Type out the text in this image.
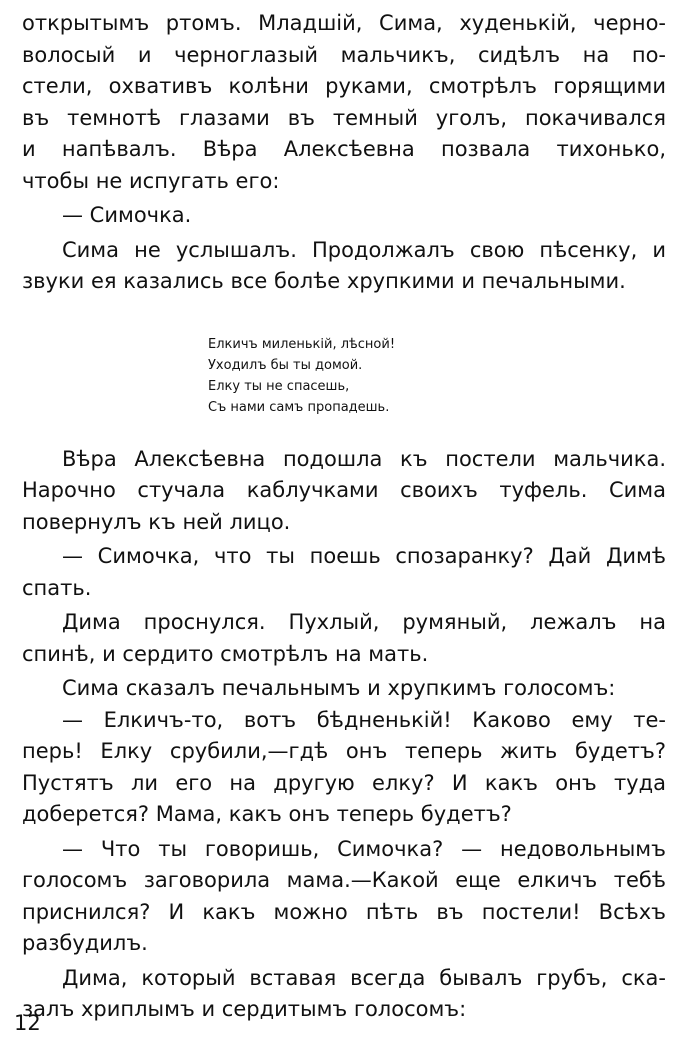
открытымъ ртомъ. Младшій, Сима, худенькій, черно-
волосый и черноглазый мальчикъ, сидѣлъ на по-
стели, охвативъ колѣни руками, смотрѣлъ горящими
въ темнотѣ глазами въ темный уголъ, покачивался
и напѣвалъ. Вѣра Алексѣевна позвала тихонько,
чтобы не испугать его:

— Симочка.

Сима не услышалъ. Продолжалъ свою пѣсенку, и
звуки ея казались все болѣе хрупкими и печальными.

Елкичъ миленькій, лѣсной!
Уходилъ бы ты домой.
Елку ты не спасешь,
Съ нами самъ пропадешь.

Вѣра Алексѣевна подошла къ постели мальчика.
Нарочно стучала каблучками своихъ туфель. Сима
повернулъ къ ней лицо.

— Симочка, что ты поешь спозаранку? Дай Димѣ
спать.

Дима проснулся. Пухлый, румяный, лежалъ на
спинѣ, и сердито смотрѣлъ на мать.

Сима сказалъ печальнымъ и хрупкимъ голосомъ:

— Елкичъ-то, вотъ бѣдненькій! Каково ему те-
перь! Елку срубили,—гдѣ онъ теперь жить будетъ?
Пустятъ ли его на другую елку? И какъ онъ туда
доберется? Мама, какъ онъ теперь будетъ?

— Что ты говоришь, Симочка? — недовольнымъ
голосомъ заговорила мама.—Какой еще елкичъ тебѣ
приснился? И какъ можно пѣть въ постели! Всѣхъ
разбудилъ.

Дима, который вставая всегда бывалъ грубъ, ска-
залъ хриплымъ и сердитымъ голосомъ:

12
